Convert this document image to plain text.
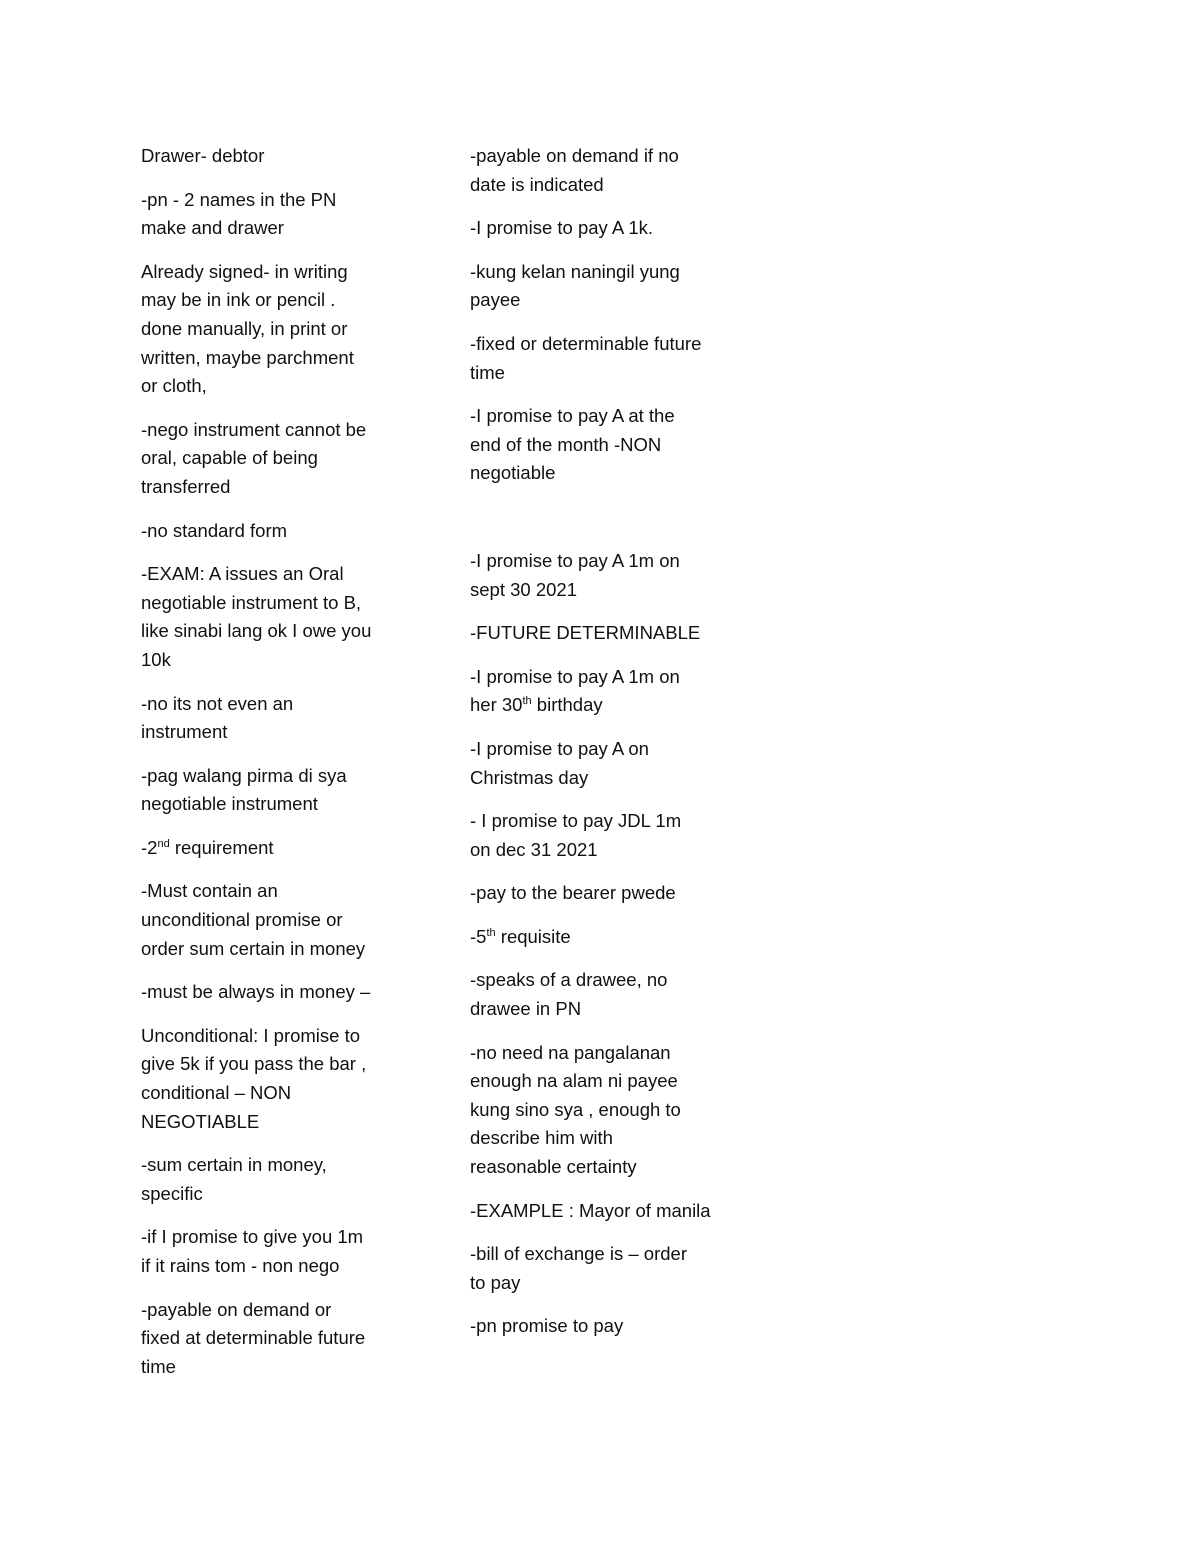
Drawer- debtor

-pn - 2 names in the PN
make and drawer

Already signed- in writing
may be in ink or pencil .
done manually, in print or
written, maybe parchment
or cloth,

-nego instrument cannot be
oral, capable of being
transferred

-no standard form

-EXAM: A issues an Oral
negotiable instrument to B,
like sinabi lang ok I owe you
10k

-no its not even an
instrument

-pag walang pirma di sya
negotiable instrument

-2nd requirement

-Must contain an
unconditional promise or
order sum certain in money

-must be always in money –

Unconditional: I promise to
give 5k if you pass the bar ,
conditional – NON
NEGOTIABLE

-sum certain in money,
specific

-if I promise to give you 1m
if it rains tom - non nego

-payable on demand or
fixed at determinable future
time

-payable on demand if no
date is indicated

-I promise to pay A 1k.

-kung kelan naningil yung
payee

-fixed or determinable future
time

-I promise to pay A at the
end of the month -NON
negotiable

-I promise to pay A 1m on
sept 30 2021

-FUTURE DETERMINABLE

-I promise to pay A 1m on
her 30th birthday

-I promise to pay A on
Christmas day

- I promise to pay JDL 1m
on dec 31 2021

-pay to the bearer pwede

-5th requisite

-speaks of a drawee, no
drawee in PN

-no need na pangalanan
enough na alam ni payee
kung sino sya , enough to
describe him with
reasonable certainty

-EXAMPLE : Mayor of manila

-bill of exchange is – order
to pay

-pn promise to pay
